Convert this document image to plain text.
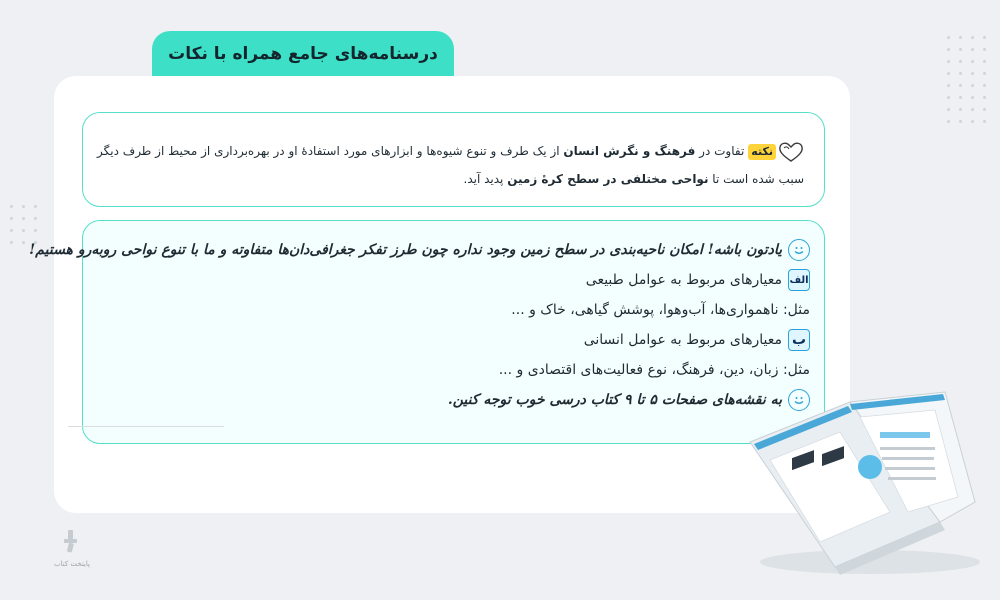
درسنامه‌های جامع همراه با نکات
نکتهتفاوت در فرهنگ و نگرش انسان از یک طرف و تنوع شیوه‌ها و ابزارهای مورد استفادهٔ او در بهره‌برداری از محیط از طرف دیگر سبب شده است تا نواحی مختلفی در سطح کرهٔ زمین پدید آید.
یادتون باشه! امکان ناحیه‌بندی در سطح زمین وجود نداره چون طرز تفکر جغرافی‌دان‌ها متفاوته و ما با تنوع نواحی روبه‌رو هستیم!
الف
معیارهای مربوط به عوامل طبیعی
مثل: ناهمواری‌ها، آب‌وهوا، پوشش گیاهی، خاک و ...
ب
معیارهای مربوط به عوامل انسانی
مثل: زبان، دین، فرهنگ، نوع فعالیت‌های اقتصادی و ...
به نقشه‌های صفحات ۵ تا ۹ کتاب درسی خوب توجه کنین.
پایتخت کتاب
